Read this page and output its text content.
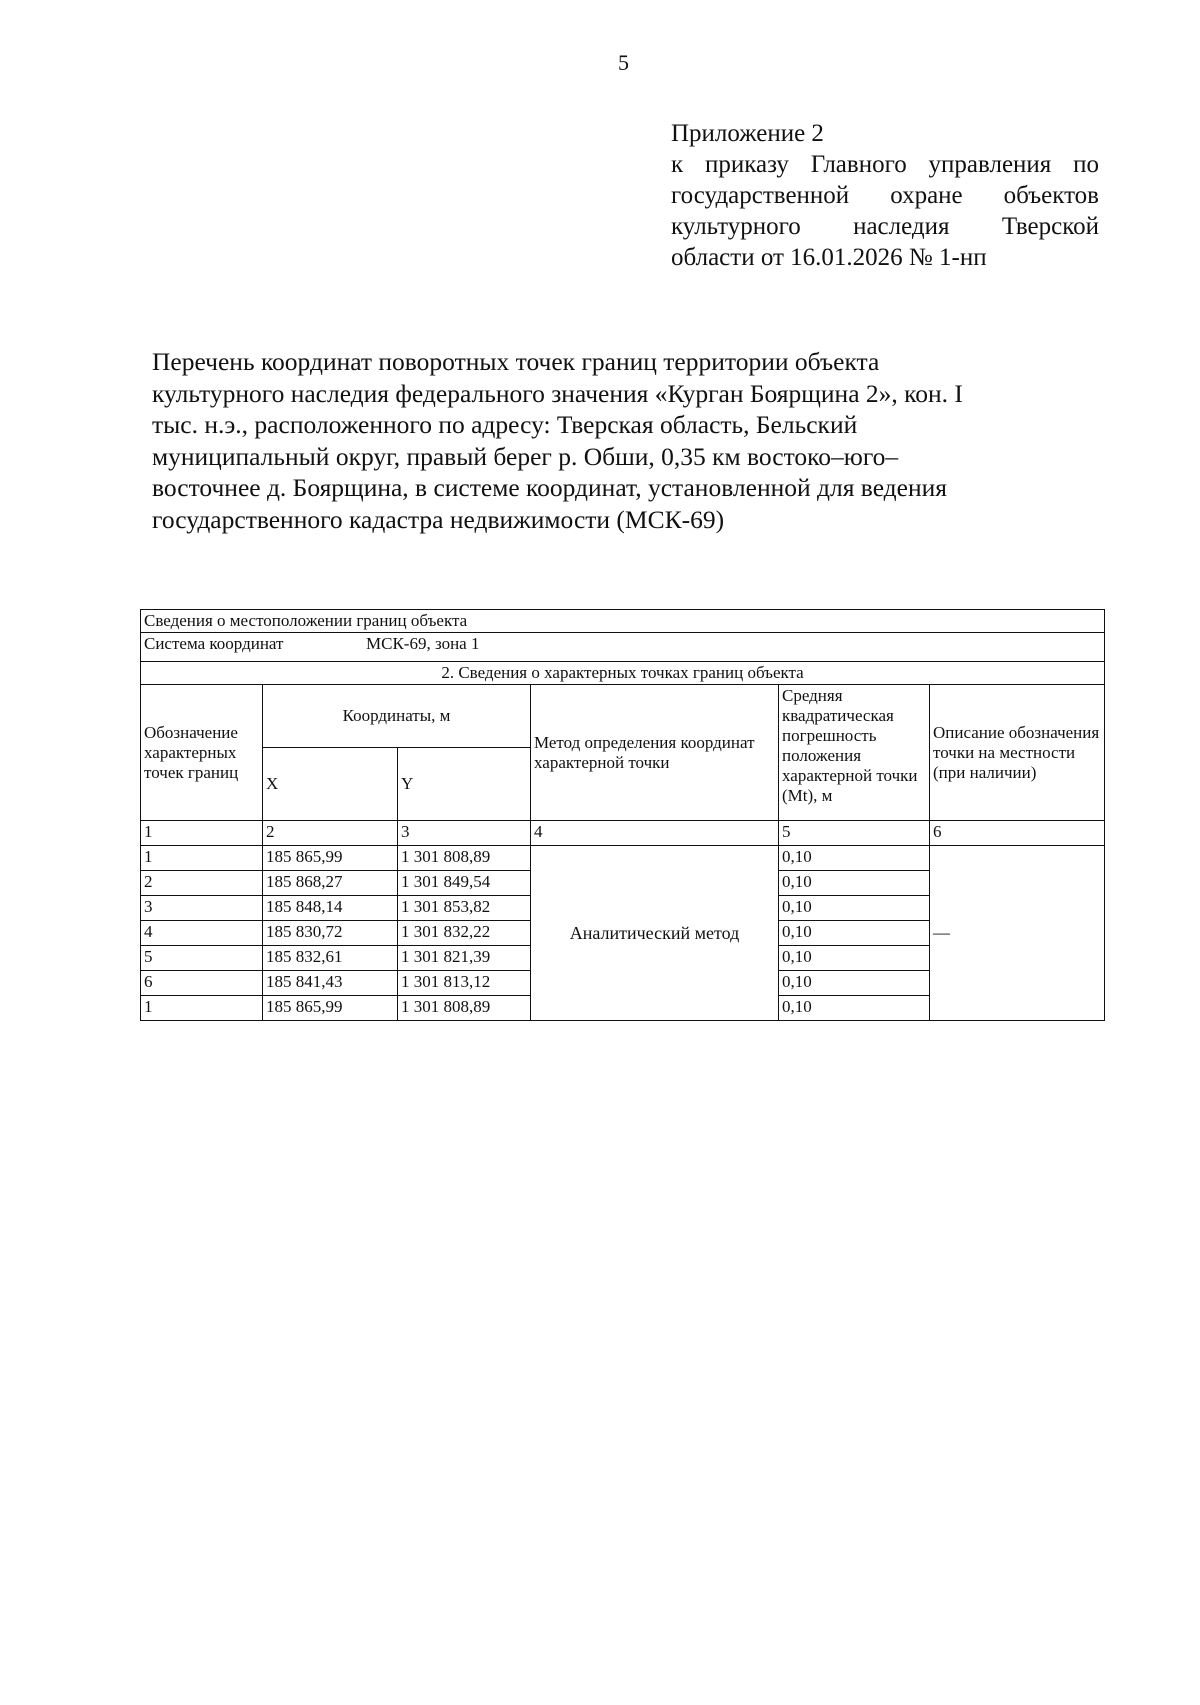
5
Приложение 2
к приказу Главного управления по
государственной охране объектов
культурного наследия Тверской
области от 16.01.2026 № 1-нп
Перечень координат поворотных точек границ территории объекта
культурного наследия федерального значения «Курган Боярщина 2», кон. I
тыс. н.э., расположенного по адресу: Тверская область, Бельский
муниципальный округ, правый берег р. Обши, 0,35 км востоко–юго–
восточнее д. Боярщина, в системе координат, установленной для ведения
государственного кадастра недвижимости (МСК-69)
Сведения о местоположении границ объекта					
Система координат МСК-69, зона 1					
2. Сведения о характерных точках границ объекта					
Обозначение характерных точек границ	Координаты, м		Метод определения координат характерной точки	Средняя квадратическая погрешность положения характерной точки (Mt), м	Описание обозначения точки на местности (при наличии)
	X	Y			
1	2	3	4	5	6
1	185 865,99	1 301 808,89	Аналитический метод	0,10	—
2	185 868,27	1 301 849,54		0,10	
3	185 848,14	1 301 853,82		0,10	
4	185 830,72	1 301 832,22		0,10	
5	185 832,61	1 301 821,39		0,10	
6	185 841,43	1 301 813,12		0,10	
1	185 865,99	1 301 808,89		0,10	
